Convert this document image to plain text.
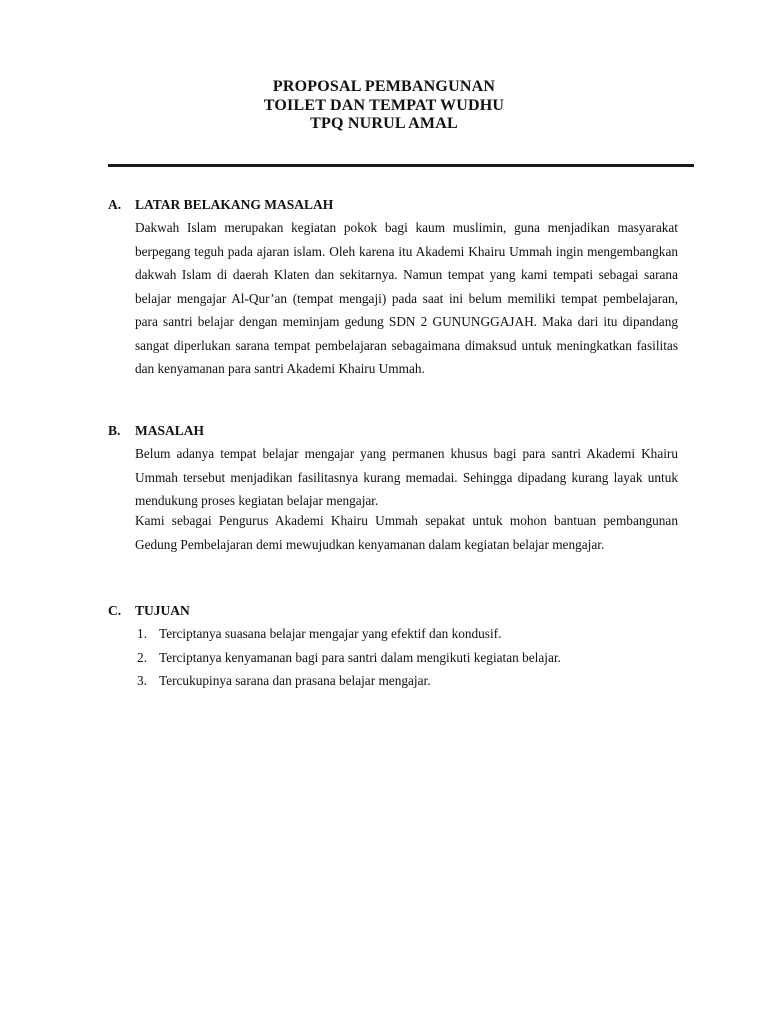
PROPOSAL PEMBANGUNAN
TOILET DAN TEMPAT WUDHU
TPQ NURUL AMAL
A. LATAR BELAKANG MASALAH

Dakwah Islam merupakan kegiatan pokok bagi kaum muslimin, guna menjadikan masyarakat berpegang teguh pada ajaran islam. Oleh karena itu Akademi Khairu Ummah ingin mengembangkan dakwah Islam di daerah Klaten dan sekitarnya. Namun tempat yang kami tempati sebagai sarana belajar mengajar Al-Qur’an (tempat mengaji) pada saat ini belum memiliki tempat pembelajaran, para santri belajar dengan meminjam gedung SDN 2 GUNUNGGAJAH. Maka dari itu dipandang sangat diperlukan sarana tempat pembelajaran sebagaimana dimaksud untuk meningkatkan fasilitas dan kenyamanan para santri Akademi Khairu Ummah.

B. MASALAH

Belum adanya tempat belajar mengajar yang permanen khusus bagi para santri Akademi Khairu Ummah tersebut menjadikan fasilitasnya kurang memadai. Sehingga dipadang kurang layak untuk mendukung proses kegiatan belajar mengajar.

Kami sebagai Pengurus Akademi Khairu Ummah sepakat untuk mohon bantuan pembangunan Gedung Pembelajaran demi mewujudkan kenyamanan dalam kegiatan belajar mengajar.

C. TUJUAN
1. Terciptanya suasana belajar mengajar yang efektif dan kondusif.
2. Terciptanya kenyamanan bagi para santri dalam mengikuti kegiatan belajar.
3. Tercukupinya sarana dan prasana belajar mengajar.
